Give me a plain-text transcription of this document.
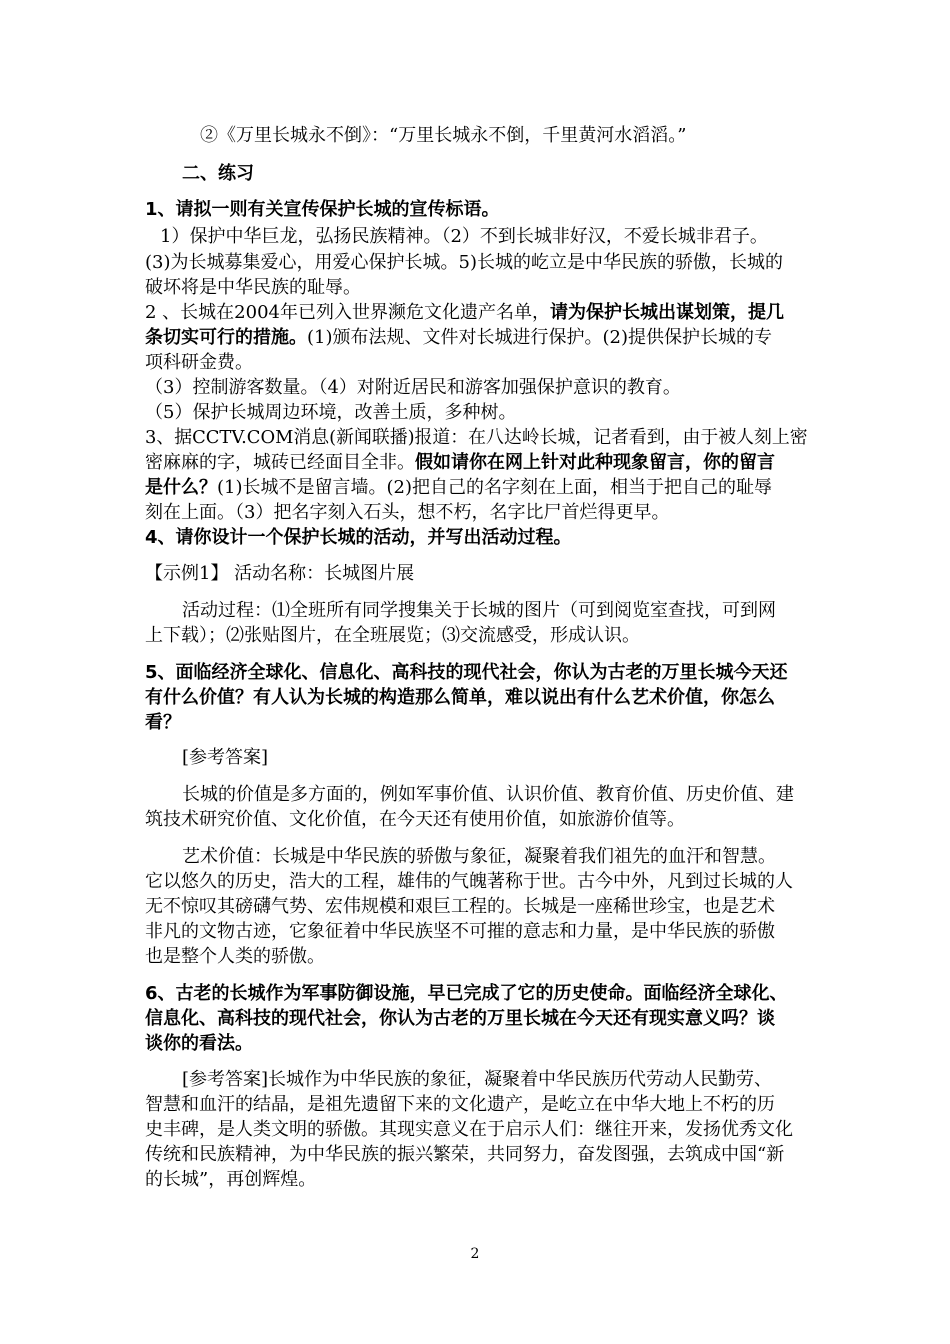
②《万里长城永不倒》：“万里长城永不倒，千里黄河水滔滔。”
二、练习
1、请拟一则有关宣传保护长城的宣传标语。
1）保护中华巨龙，弘扬民族精神。（2）不到长城非好汉，不爱长城非君子。
(3)为长城募集爱心，用爱心保护长城。5)长城的屹立是中华民族的骄傲，长城的
破坏将是中华民族的耻辱。
2 、长城在2004年已列入世界濒危文化遗产名单，请为保护长城出谋划策，提几
条切实可行的措施。(1)颁布法规、文件对长城进行保护。(2)提供保护长城的专
项科研金费。
（3）控制游客数量。（4）对附近居民和游客加强保护意识的教育。
（5）保护长城周边环境，改善土质，多种树。
3、据CCTV.COM消息(新闻联播)报道：在八达岭长城，记者看到，由于被人刻上密
密麻麻的字，城砖已经面目全非。假如请你在网上针对此种现象留言，你的留言
是什么？(1)长城不是留言墙。(2)把自己的名字刻在上面，相当于把自己的耻辱
刻在上面。（3）把名字刻入石头，想不朽，名字比尸首烂得更早。
4、请你设计一个保护长城的活动，并写出活动过程。
【示例1】 活动名称：长城图片展
活动过程：⑴全班所有同学搜集关于长城的图片（可到阅览室查找，可到网
上下载）；⑵张贴图片，在全班展览；⑶交流感受，形成认识。
5、面临经济全球化、信息化、高科技的现代社会，你认为古老的万里长城今天还
有什么价值？有人认为长城的构造那么简单，难以说出有什么艺术价值，你怎么
看？
[参考答案]
长城的价值是多方面的，例如军事价值、认识价值、教育价值、历史价值、建
筑技术研究价值、文化价值，在今天还有使用价值，如旅游价值等。
艺术价值：长城是中华民族的骄傲与象征，凝聚着我们祖先的血汗和智慧。
它以悠久的历史，浩大的工程，雄伟的气魄著称于世。古今中外，凡到过长城的人
无不惊叹其磅礴气势、宏伟规模和艰巨工程的。长城是一座稀世珍宝，也是艺术
非凡的文物古迹，它象征着中华民族坚不可摧的意志和力量，是中华民族的骄傲
也是整个人类的骄傲。
6、古老的长城作为军事防御设施，早已完成了它的历史使命。面临经济全球化、
信息化、高科技的现代社会，你认为古老的万里长城在今天还有现实意义吗？谈
谈你的看法。
[参考答案]长城作为中华民族的象征，凝聚着中华民族历代劳动人民勤劳、
智慧和血汗的结晶，是祖先遗留下来的文化遗产，是屹立在中华大地上不朽的历
史丰碑，是人类文明的骄傲。其现实意义在于启示人们：继往开来，发扬优秀文化
传统和民族精神，为中华民族的振兴繁荣，共同努力，奋发图强，去筑成中国“新
的长城”，再创辉煌。
2
